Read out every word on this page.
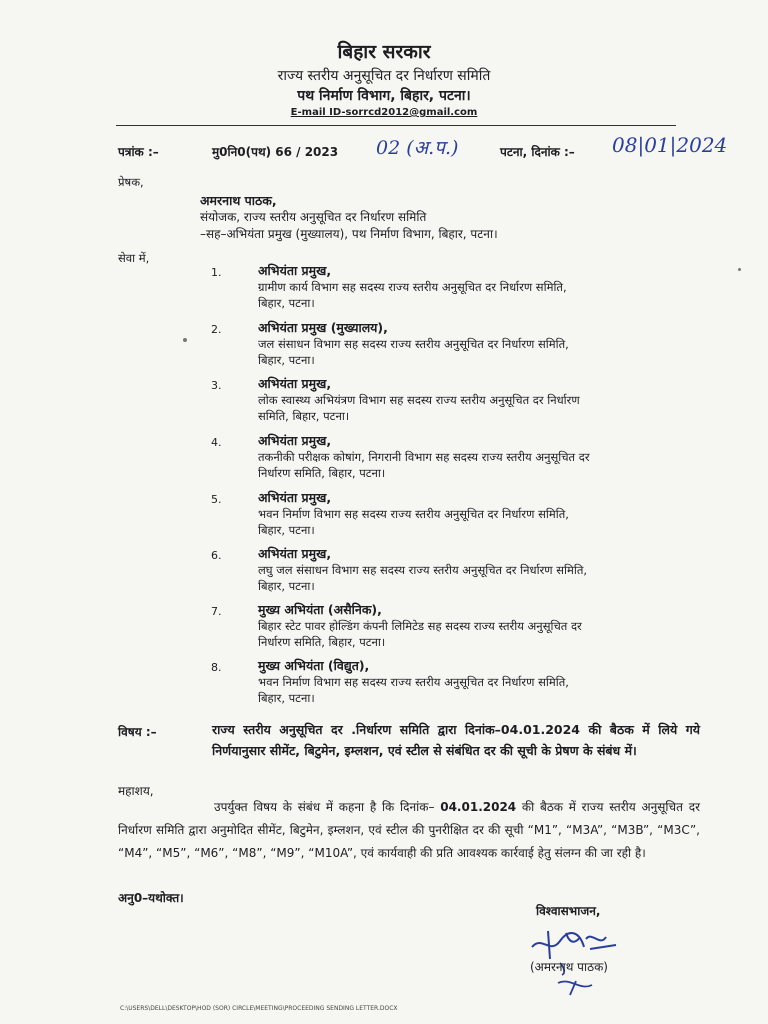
बिहार सरकार
राज्य स्तरीय अनुसूचित दर निर्धारण समिति
पथ निर्माण विभाग, बिहार, पटना।
E-mail ID-sorrcd2012@gmail.com
पत्रांक :–	मु0नि0(पथ) 66 / 2023 02 (अ.प.)	पटना, दिनांक :– 08|01|2024
प्रेषक,
अमरनाथ पाठक,
संयोजक, राज्य स्तरीय अनुसूचित दर निर्धारण समिति
–सह–अभियंता प्रमुख (मुख्यालय), पथ निर्माण विभाग, बिहार, पटना।
सेवा में,
1.	अभियंता प्रमुख,
ग्रामीण कार्य विभाग सह सदस्य राज्य स्तरीय अनुसूचित दर निर्धारण समिति,
बिहार, पटना।
2.	अभियंता प्रमुख (मुख्यालय),
जल संसाधन विभाग सह सदस्य राज्य स्तरीय अनुसूचित दर निर्धारण समिति,
बिहार, पटना।
3.	अभियंता प्रमुख,
लोक स्वास्थ्य अभियंत्रण विभाग सह सदस्य राज्य स्तरीय अनुसूचित दर निर्धारण
समिति, बिहार, पटना।
4.	अभियंता प्रमुख,
तकनीकी परीक्षक कोषांग, निगरानी विभाग सह सदस्य राज्य स्तरीय अनुसूचित दर
निर्धारण समिति, बिहार, पटना।
5.	अभियंता प्रमुख,
भवन निर्माण विभाग सह सदस्य राज्य स्तरीय अनुसूचित दर निर्धारण समिति,
बिहार, पटना।
6.	अभियंता प्रमुख,
लघु जल संसाधन विभाग सह सदस्य राज्य स्तरीय अनुसूचित दर निर्धारण समिति,
बिहार, पटना।
7.	मुख्य अभियंता (असैनिक),
बिहार स्टेट पावर होल्डिंग कंपनी लिमिटेड सह सदस्य राज्य स्तरीय अनुसूचित दर
निर्धारण समिति, बिहार, पटना।
8.	मुख्य अभियंता (विद्युत),
भवन निर्माण विभाग सह सदस्य राज्य स्तरीय अनुसूचित दर निर्धारण समिति,
बिहार, पटना।
विषय :–	राज्य स्तरीय अनुसूचित दर .निर्धारण समिति द्वारा दिनांक–04.01.2024 की बैठक में लिये गये निर्णयानुसार सीमेंट, बिटुमेन, इम्लशन, एवं स्टील से संबंधित दर की सूची के प्रेषण के संबंध में।
महाशय,
उपर्युक्त विषय के संबंध में कहना है कि दिनांक– 04.01.2024 की बैठक में राज्य स्तरीय अनुसूचित दर निर्धारण समिति द्वारा अनुमोदित सीमेंट, बिटुमेन, इम्लशन, एवं स्टील की पुनरीक्षित दर की सूची “M1”, “M3A”, “M3B”, “M3C”, “M4”, “M5”, “M6”, “M8”, “M9”, “M10A”, एवं कार्यवाही की प्रति आवश्यक कार्रवाई हेतु संलग्न की जा रही है।
अनु0–यथोक्त।
विश्वासभाजन,
(अमरनाथ पाठक)
C:\USERS\DELL\DESKTOP\HOD (SOR) CIRCLE\MEETING\PROCEEDING SENDING LETTER.DOCX
